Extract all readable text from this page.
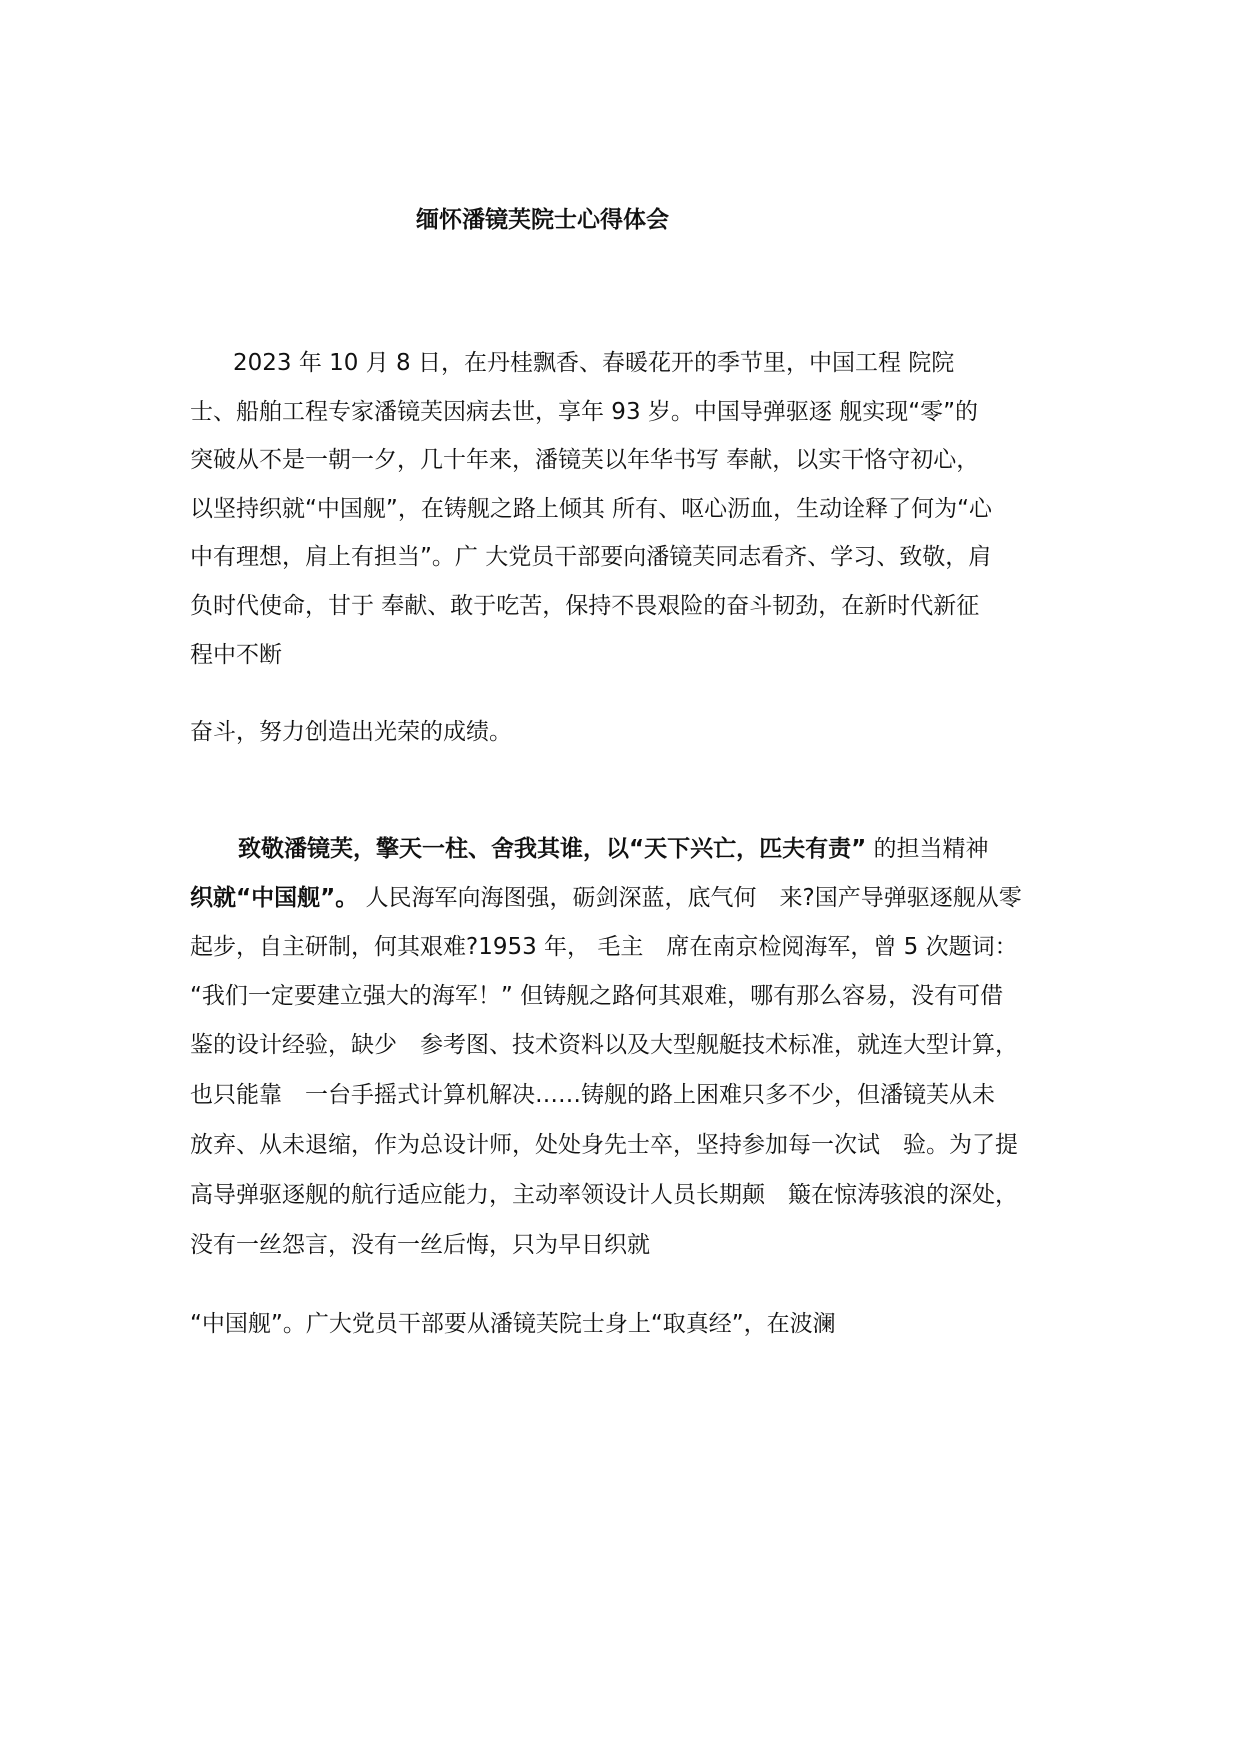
缅怀潘镜芙院士心得体会
2023 年 10 月 8 日，在丹桂飘香、春暖花开的季节里，中国工程 院院
士、船舶工程专家潘镜芙因病去世，享年 93 岁。中国导弹驱逐 舰实现“零”的
突破从不是一朝一夕，几十年来，潘镜芙以年华书写 奉献，以实干恪守初心，
以坚持织就“中国舰”，在铸舰之路上倾其 所有、呕心沥血，生动诠释了何为“心
中有理想，肩上有担当”。广 大党员干部要向潘镜芙同志看齐、学习、致敬，肩
负时代使命，甘于 奉献、敢于吃苦，保持不畏艰险的奋斗韧劲，在新时代新征
程中不断
奋斗，努力创造出光荣的成绩。
致敬潘镜芙，擎天一柱、舍我其谁，以“天下兴亡，匹夫有责” 的担当精神
织就“中国舰”。 人民海军向海图强，砺剑深蓝，底气何　来?国产导弹驱逐舰从零
起步，自主研制，何其艰难?1953 年， 毛主　席在南京检阅海军，曾 5 次题词：
“我们一定要建立强大的海军！” 但铸舰之路何其艰难，哪有那么容易，没有可借
鉴的设计经验，缺少　参考图、技术资料以及大型舰艇技术标准，就连大型计算，
也只能靠　一台手摇式计算机解决……铸舰的路上困难只多不少，但潘镜芙从未
放弃、从未退缩，作为总设计师，处处身先士卒，坚持参加每一次试　验。为了提
高导弹驱逐舰的航行适应能力，主动率领设计人员长期颠　簸在惊涛骇浪的深处，
没有一丝怨言，没有一丝后悔，只为早日织就
“中国舰”。广大党员干部要从潘镜芙院士身上“取真经”，在波澜
